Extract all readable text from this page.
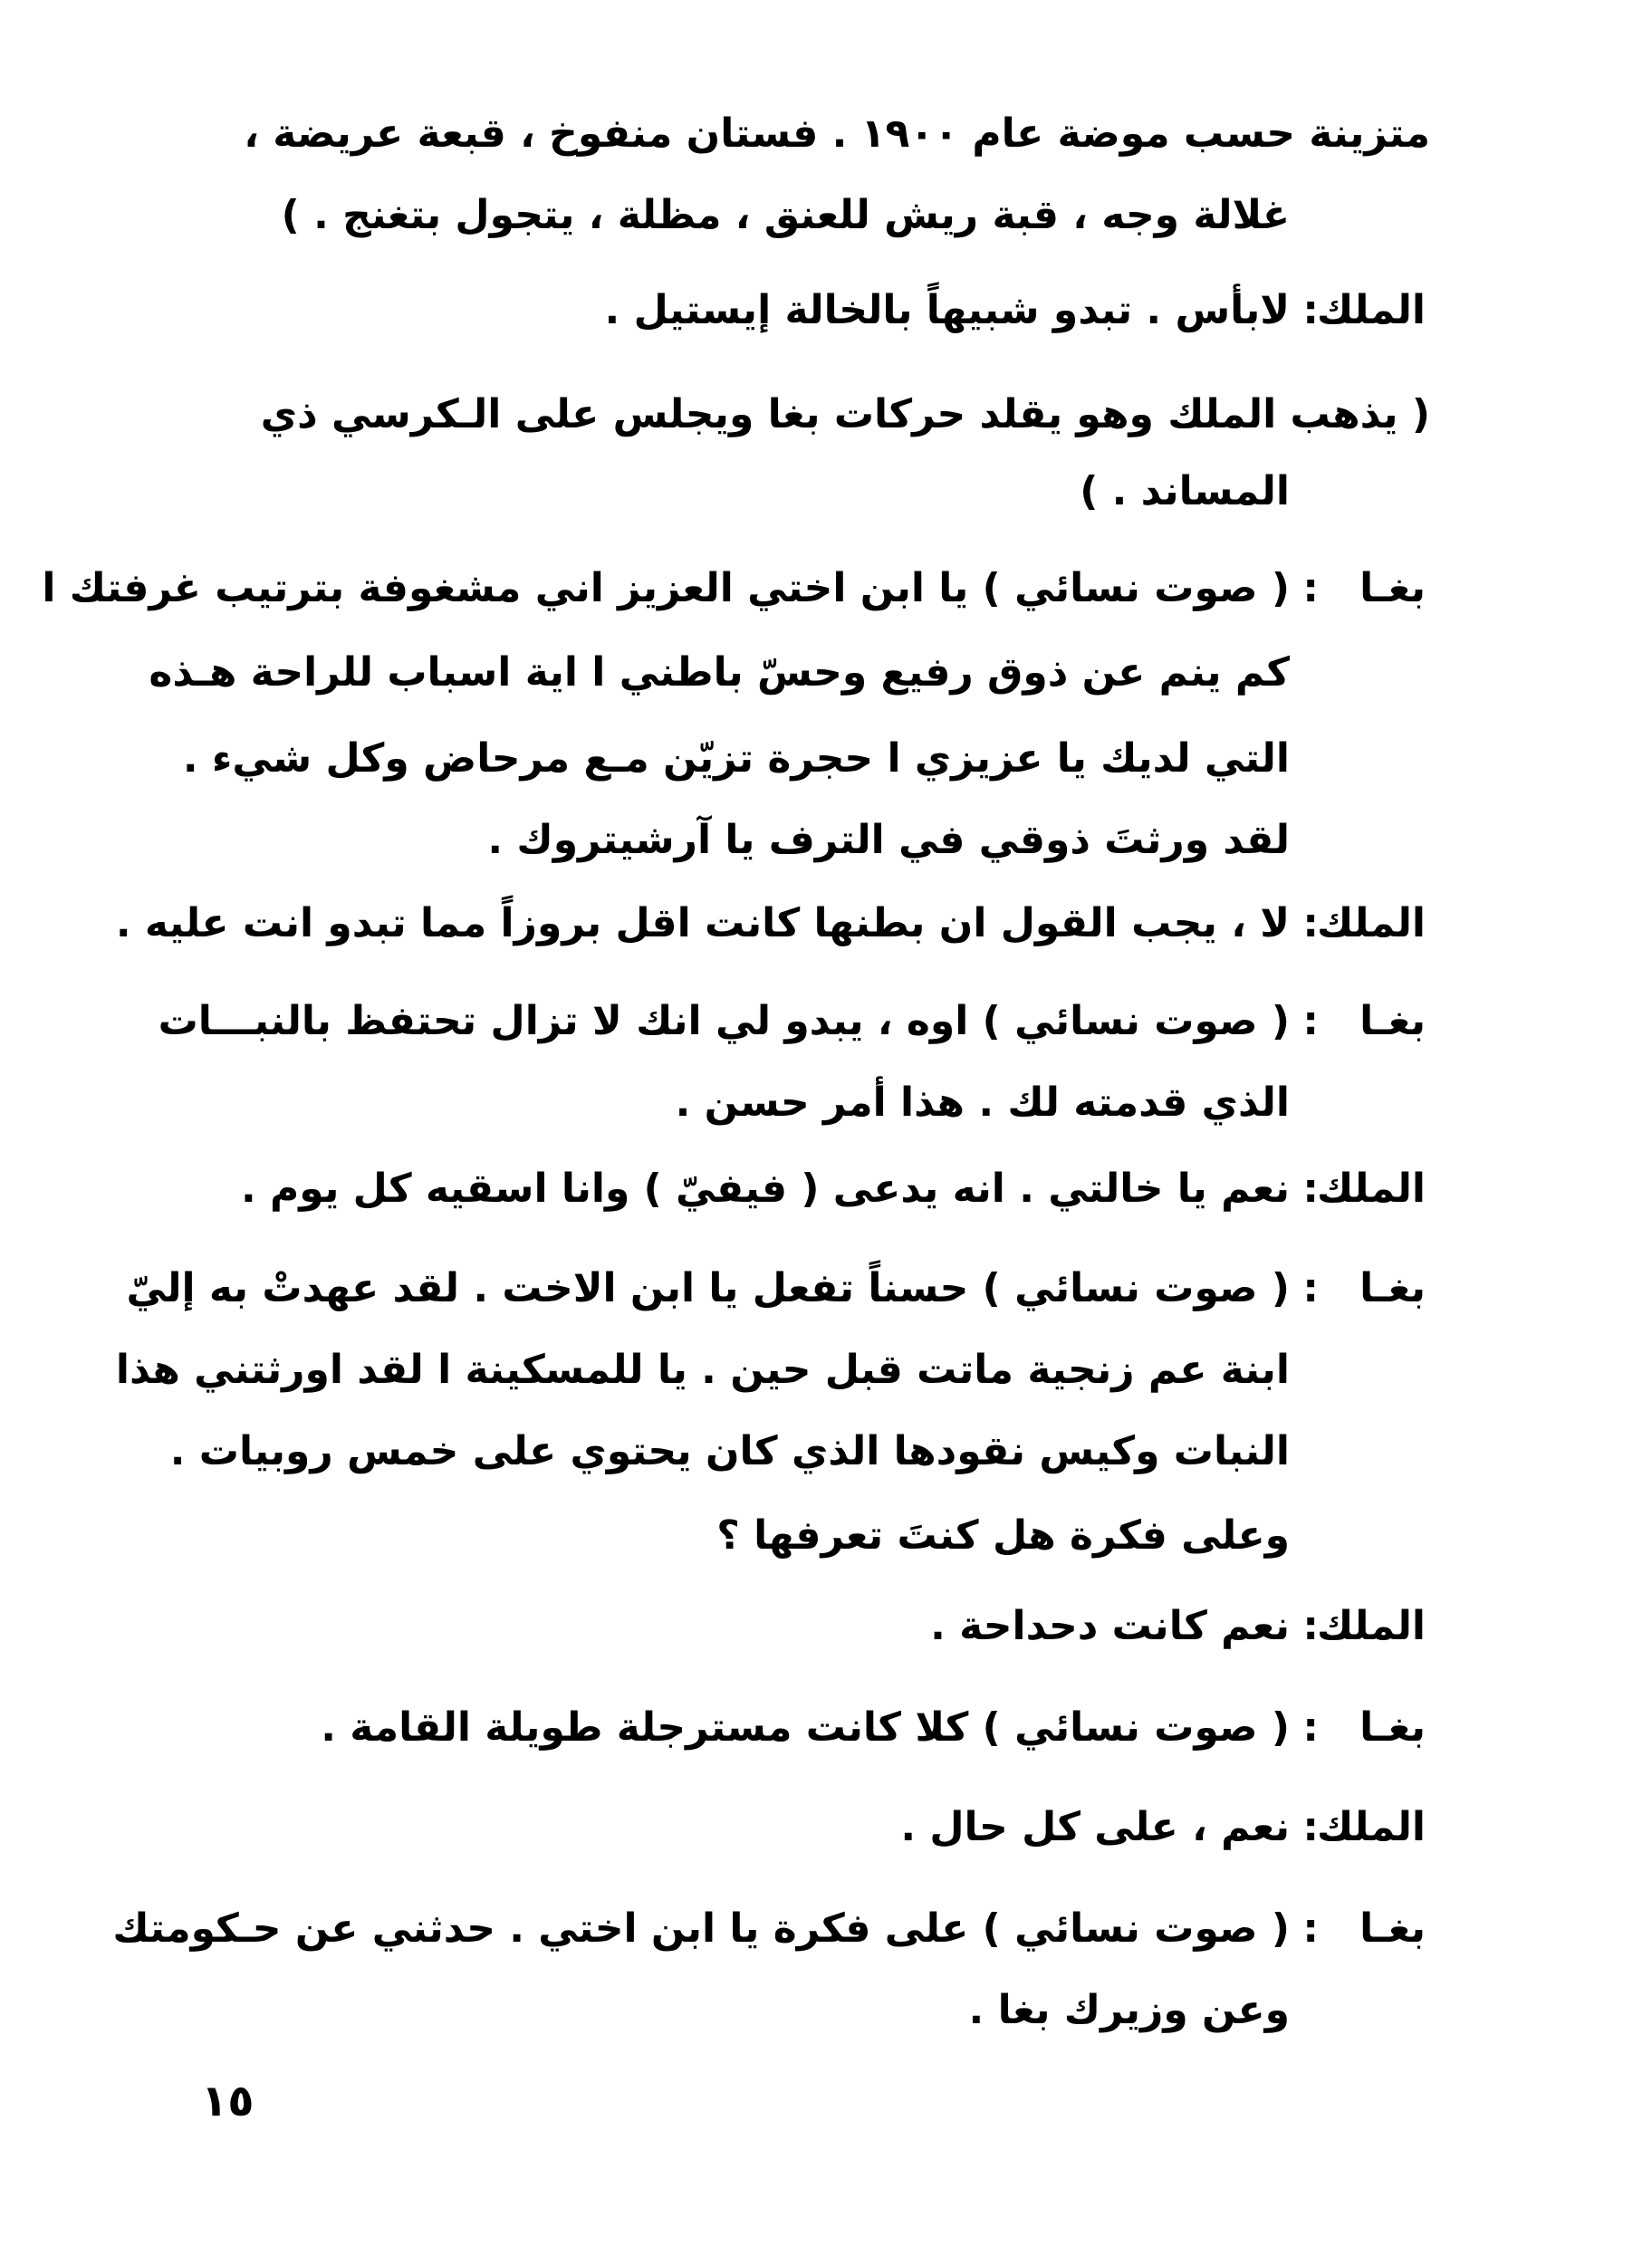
متزينة حسب موضة عام ١٩٠٠ . فستان منفوخ ، قبعة عريضة ،
غلالة وجه ، قبة ريش للعنق ، مظلة ، يتجول بتغنج . )
الملك
:
لابأس . تبدو شبيهاً بالخالة إيستيل .
( يذهب الملك وهو يقلد حركات بغا ويجلس على الـكرسي ذي
المساند . )
بغـا
:
( صوت نسائي ) يا ابن اختي العزيز اني مشغوفة بترتيب غرفتك ا
كم ينم عن ذوق رفيع وحسّ باطني ا اية اسباب للراحة هـذه
التي لديك يا عزيزي ا حجرة تزيّن مـع مرحاض وكل شيء .
لقد ورثتَ ذوقي في الترف يا آرشيتروك .
الملك
:
لا ، يجب القول ان بطنها كانت اقل بروزاً مما تبدو انت عليه .
بغـا
:
( صوت نسائي ) اوه ، يبدو لي انك لا تزال تحتفظ بالنبـــات
الذي قدمته لك . هذا أمر حسن .
الملك
:
نعم يا خالتي . انه يدعى ( فيفيّ ) وانا اسقيه كل يوم .
بغـا
:
( صوت نسائي ) حسناً تفعل يا ابن الاخت . لقد عهدتْ به إليّ
ابنة عم زنجية ماتت قبل حين . يا للمسكينة ا لقد اورثتني هذا
النبات وكيس نقودها الذي كان يحتوي على خمس روبيات .
وعلى فكرة هل كنتَ تعرفها ؟
الملك
:
نعم كانت دحداحة .
بغـا
:
( صوت نسائي ) كلا كانت مسترجلة طويلة القامة .
الملك
:
نعم ، على كل حال .
بغـا
:
( صوت نسائي ) على فكرة يا ابن اختي . حدثني عن حـكومتك
وعن وزيرك بغا .
١٥
